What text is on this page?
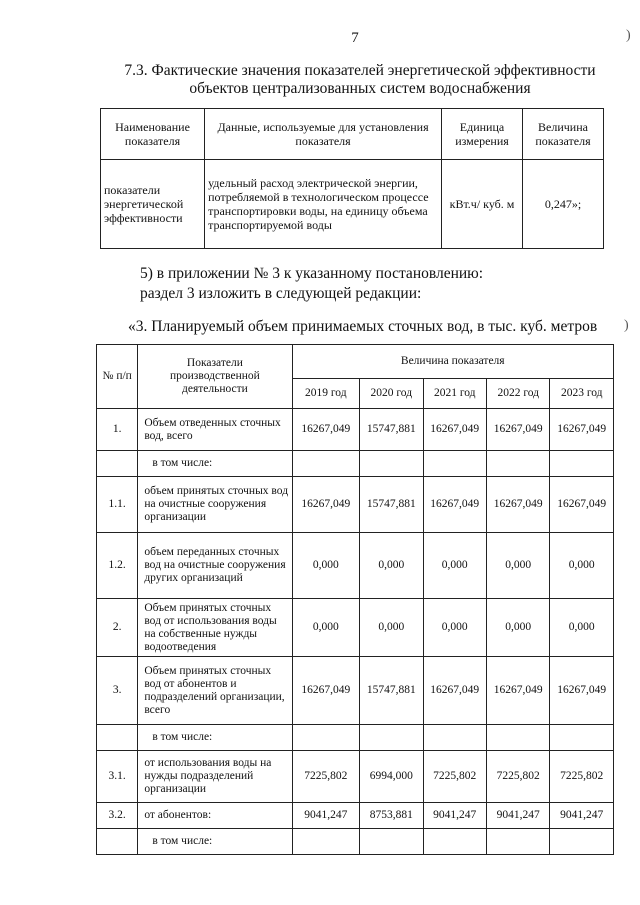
7	)
7.3. Фактические значения показателей энергетической эффективности
объектов централизованных систем водоснабжения
Наименование показателя	Данные, используемые для установления показателя	Единица измерения	Величина показателя
показатели энергетической эффективности	удельный расход электрической энергии, потребляемой в технологическом процессе транспортировки воды, на единицу объема транспортируемой воды	кВт.ч/ куб. м	0,247»;
5) в приложении № 3 к указанному постановлению:
раздел 3 изложить в следующей редакции:
«3. Планируемый объем принимаемых сточных вод, в тыс. куб. метров )
№ п/п	Показатели производственной деятельности	Величина показателя				
		2019 год	2020 год	2021 год	2022 год	2023 год
1.	Объем отведенных сточных вод, всего	16267,049	15747,881	16267,049	16267,049	16267,049
	в том числе:					
1.1.	объем принятых сточных вод на очистные сооружения организации	16267,049	15747,881	16267,049	16267,049	16267,049
1.2.	объем переданных сточных вод на очистные сооружения других организаций	0,000	0,000	0,000	0,000	0,000
2.	Объем принятых сточных вод от использования воды на собственные нужды водоотведения	0,000	0,000	0,000	0,000	0,000
3.	Объем принятых сточных вод от абонентов и подразделений организации, всего	16267,049	15747,881	16267,049	16267,049	16267,049
	в том числе:					
3.1.	от использования воды на нужды подразделений организации	7225,802	6994,000	7225,802	7225,802	7225,802
3.2.	от абонентов:	9041,247	8753,881	9041,247	9041,247	9041,247
	в том числе:					
